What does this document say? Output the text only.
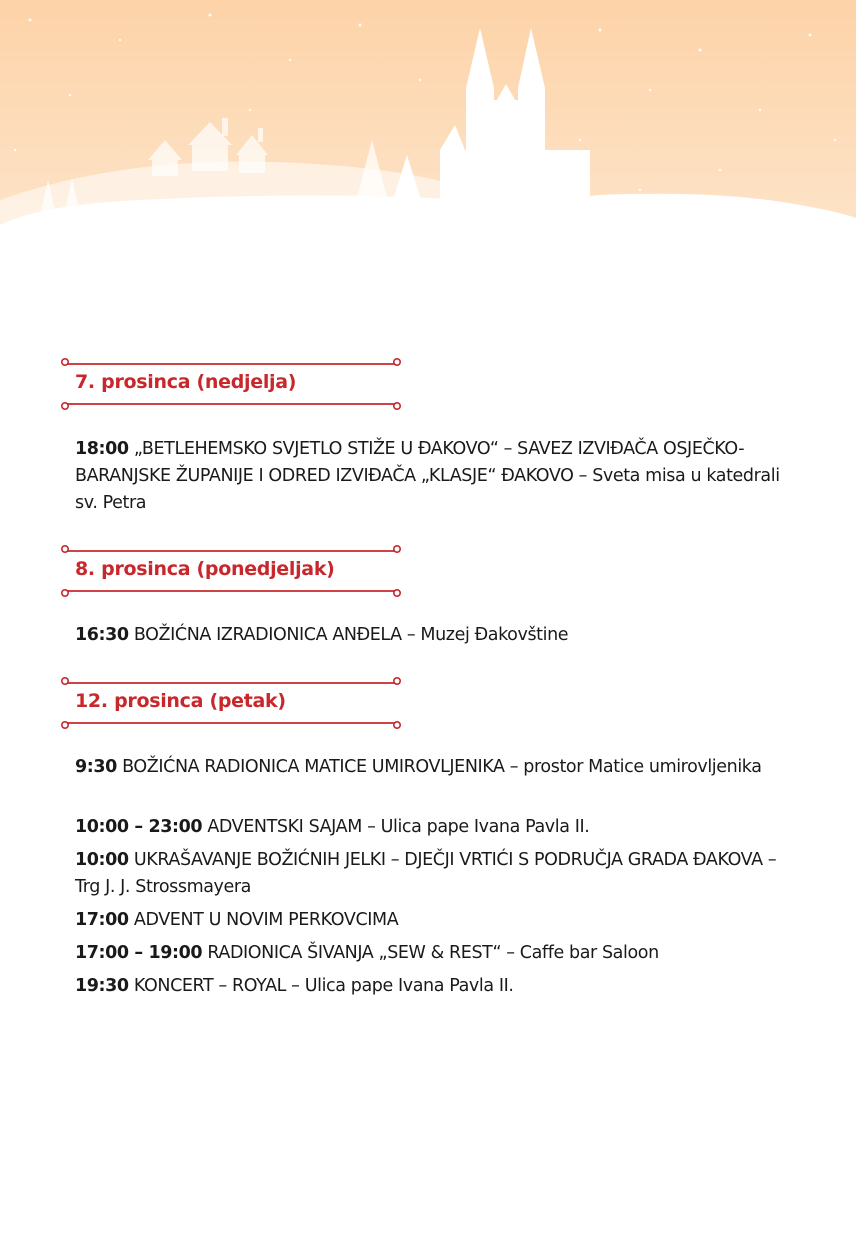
7. prosinca (nedjelja)

18:00 „BETLEHEMSKO SVJETLO STIŽE U ĐAKOVO“ – SAVEZ IZVIĐAČA OSJEČKO-BARANJSKE ŽUPANIJE I ODRED IZVIĐAČA „KLASJE“ ĐAKOVO – Sveta misa u katedrali sv. Petra

8. prosinca (ponedjeljak)

16:30 BOŽIĆNA IZRADIONICA ANĐELA – Muzej Đakovštine

12. prosinca (petak)

9:30 BOŽIĆNA RADIONICA MATICE UMIROVLJENIKA – prostor Matice umirovljenika

10:00 – 23:00 ADVENTSKI SAJAM – Ulica pape Ivana Pavla II.

10:00 UKRAŠAVANJE BOŽIĆNIH JELKI – DJEČJI VRTIĆI S PODRUČJA GRADA ĐAKOVA – Trg J. J. Strossmayera

17:00 ADVENT U NOVIM PERKOVCIMA

17:00 – 19:00 RADIONICA ŠIVANJA „SEW & REST“ – Caffe bar Saloon

19:30 KONCERT – ROYAL – Ulica pape Ivana Pavla II.
